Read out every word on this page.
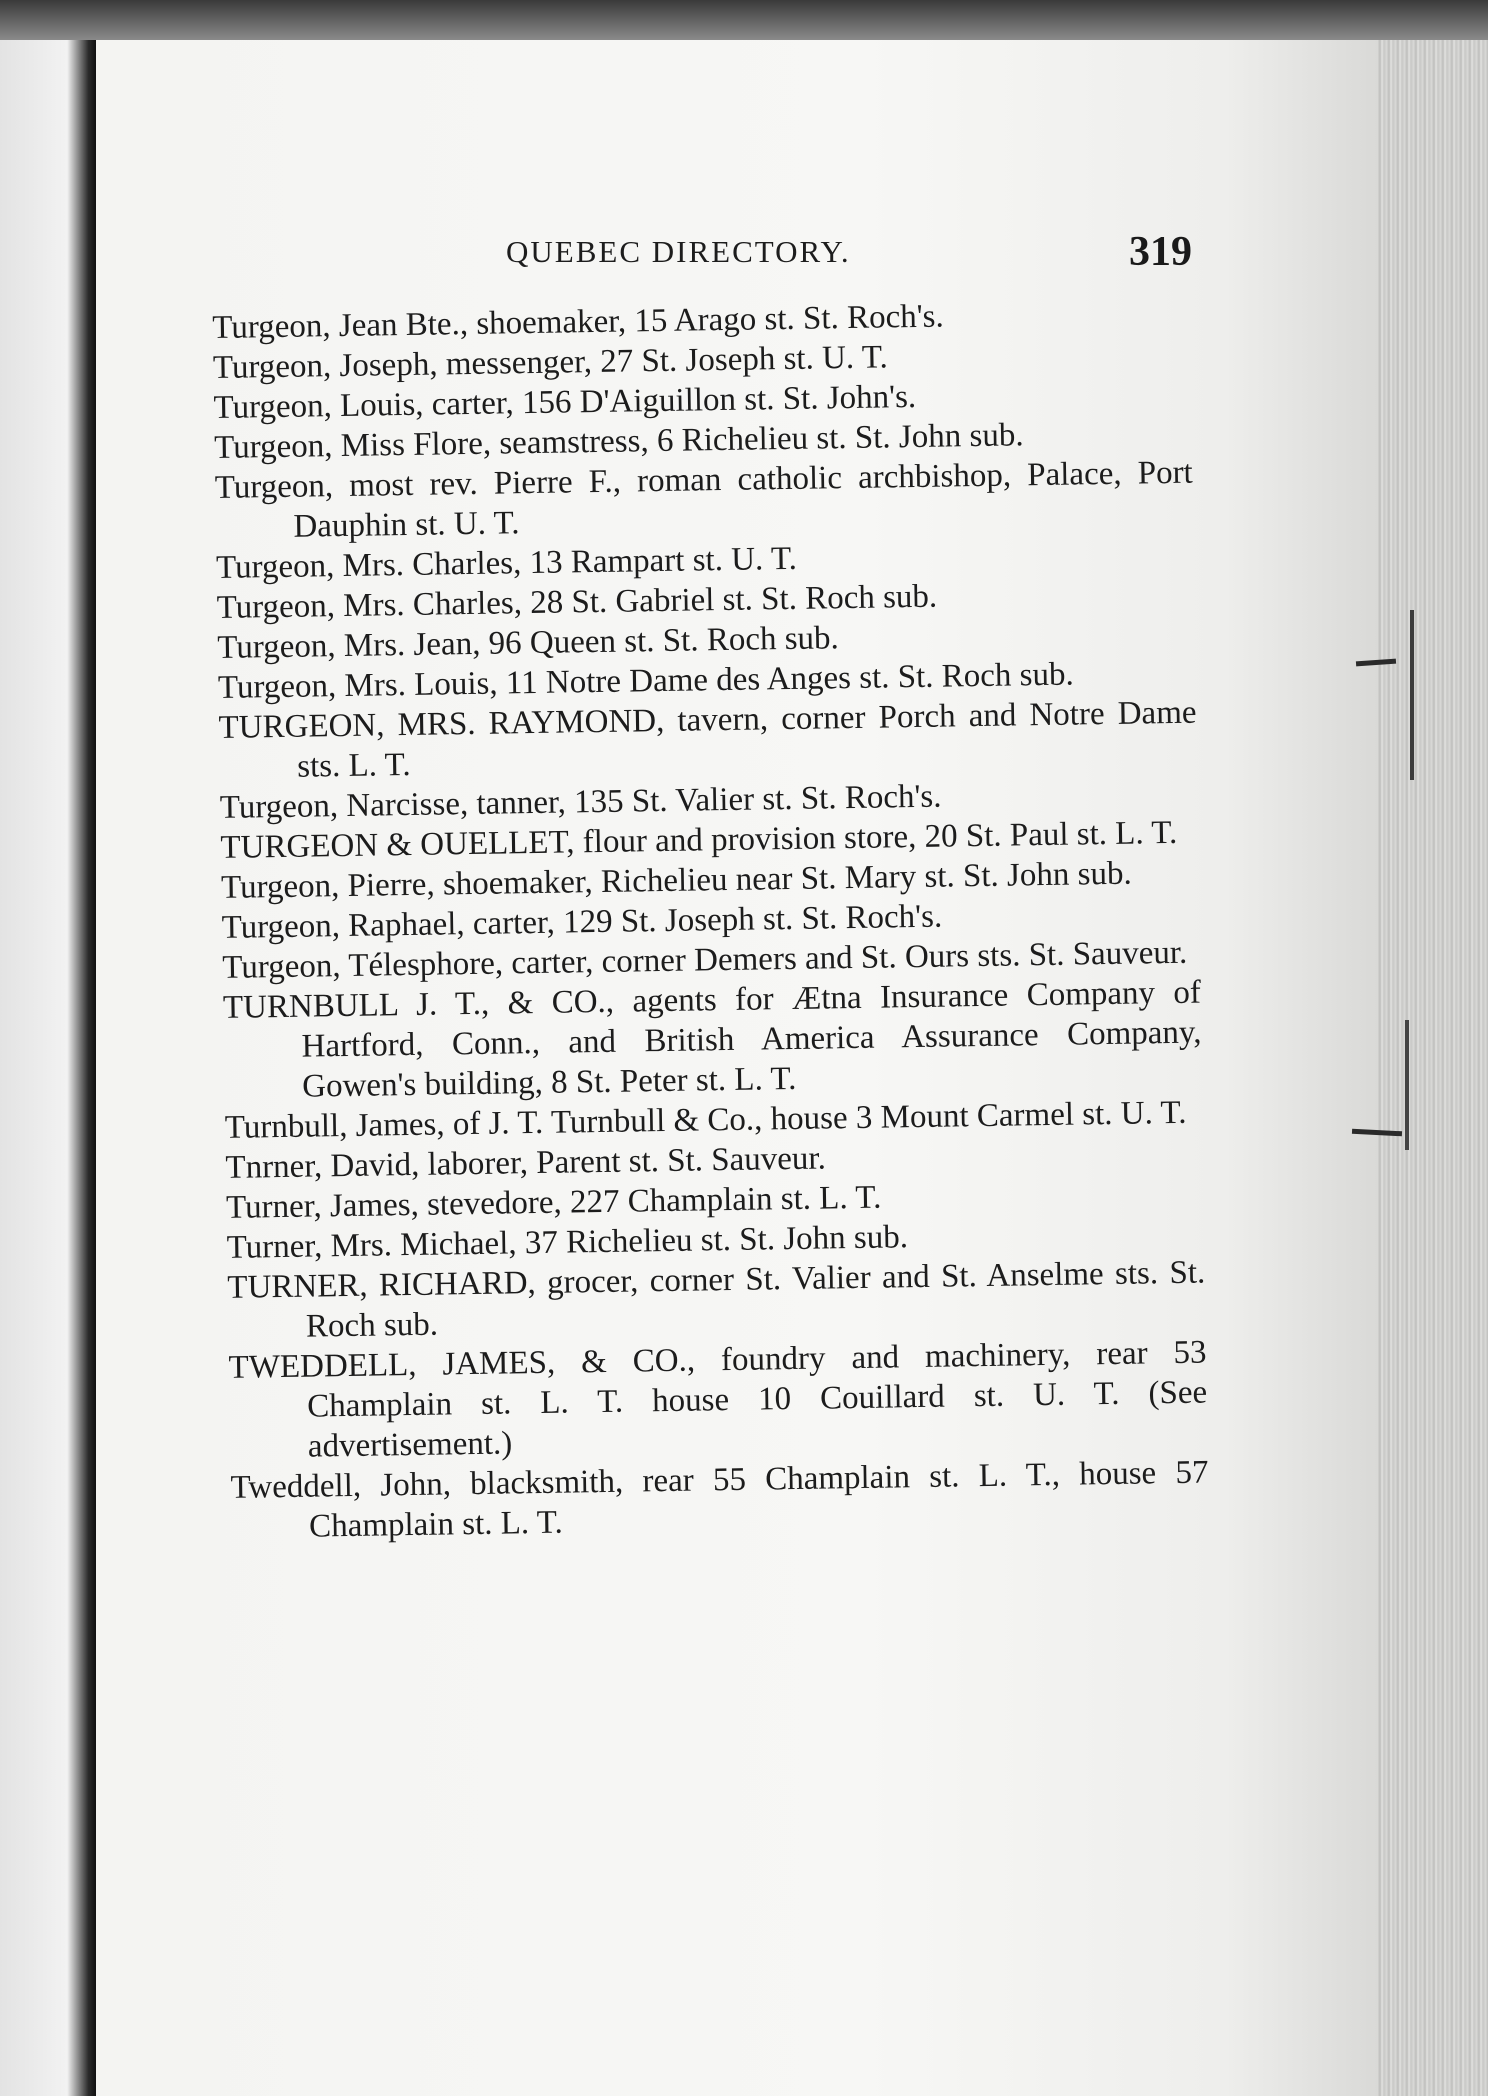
QUEBEC DIRECTORY.	319

Turgeon, Jean Bte., shoemaker, 15 Arago st. St. Roch's.

Turgeon, Joseph, messenger, 27 St. Joseph st. U. T.

Turgeon, Louis, carter, 156 D'Aiguillon st. St. John's.

Turgeon, Miss Flore, seamstress, 6 Richelieu st. St. John sub.

Turgeon, most rev. Pierre F., roman catholic archbishop, Palace, Port Dauphin st. U. T.

Turgeon, Mrs. Charles, 13 Rampart st. U. T.

Turgeon, Mrs. Charles, 28 St. Gabriel st. St. Roch sub.

Turgeon, Mrs. Jean, 96 Queen st. St. Roch sub.

Turgeon, Mrs. Louis, 11 Notre Dame des Anges st. St. Roch sub.

TURGEON, MRS. RAYMOND, tavern, corner Porch and Notre Dame sts. L. T.

Turgeon, Narcisse, tanner, 135 St. Valier st. St. Roch's.

TURGEON & OUELLET, flour and provision store, 20 St. Paul st. L. T.

Turgeon, Pierre, shoemaker, Richelieu near St. Mary st. St. John sub.

Turgeon, Raphael, carter, 129 St. Joseph st. St. Roch's.

Turgeon, Télesphore, carter, corner Demers and St. Ours sts. St. Sauveur.

TURNBULL J. T., & CO., agents for Ætna Insurance Company of Hartford, Conn., and British America Assurance Company, Gowen's building, 8 St. Peter st. L. T.

Turnbull, James, of J. T. Turnbull & Co., house 3 Mount Carmel st. U. T.

Tnrner, David, laborer, Parent st. St. Sauveur.

Turner, James, stevedore, 227 Champlain st. L. T.

Turner, Mrs. Michael, 37 Richelieu st. St. John sub.

TURNER, RICHARD, grocer, corner St. Valier and St. Anselme sts. St. Roch sub.

TWEDDELL, JAMES, & CO., foundry and machinery, rear 53 Champlain st. L. T. house 10 Couillard st. U. T. (See advertisement.)

Tweddell, John, blacksmith, rear 55 Champlain st. L. T., house 57 Champlain st. L. T.
